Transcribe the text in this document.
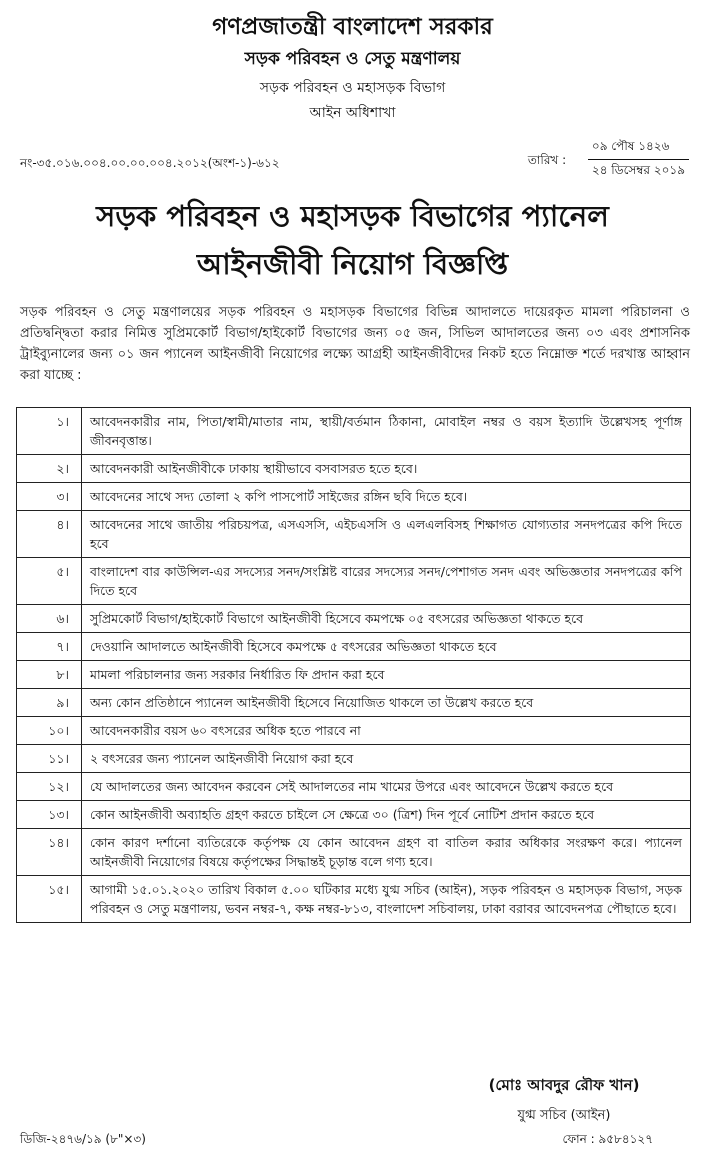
গণপ্রজাতন্ত্রী বাংলাদেশ সরকার
সড়ক পরিবহন ও সেতু মন্ত্রণালয়
সড়ক পরিবহন ও মহাসড়ক বিভাগ
আইন অধিশাখা
নং-৩৫.০১৬.০০৪.০০.০০.০০৪.২০১২(অংশ-১)-৬১২	তারিখ :
০৯ পৌষ ১৪২৬
২৪ ডিসেম্বর ২০১৯
সড়ক পরিবহন ও মহাসড়ক বিভাগের প্যানেল
আইনজীবী নিয়োগ বিজ্ঞপ্তি
সড়ক পরিবহন ও সেতু মন্ত্রণালয়ের সড়ক পরিবহন ও মহাসড়ক বিভাগের বিভিন্ন আদালতে দায়েরকৃত মামলা পরিচালনা ও প্রতিদ্বন্দ্বিতা করার নিমিত্ত সুপ্রিমকোর্ট বিভাগ/হাইকোর্ট বিভাগের জন্য ০৫ জন, সিভিল আদালতের জন্য ০৩ এবং প্রশাসনিক ট্রাইব্যুনালের জন্য ০১ জন প্যানেল আইনজীবী নিয়োগের লক্ষ্যে আগ্রহী আইনজীবীদের নিকট হতে নিম্নোক্ত শর্তে দরখাস্ত আহ্বান করা যাচ্ছে :
১।	আবেদনকারীর নাম, পিতা/স্বামী/মাতার নাম, স্থায়ী/বর্তমান ঠিকানা, মোবাইল নম্বর ও বয়স ইত্যাদি উল্লেখসহ পূর্ণাঙ্গ জীবনবৃত্তান্ত।
২।	আবেদনকারী আইনজীবীকে ঢাকায় স্থায়ীভাবে বসবাসরত হতে হবে।
৩।	আবেদনের সাথে সদ্য তোলা ২ কপি পাসপোর্ট সাইজের রঙ্গিন ছবি দিতে হবে।
৪।	আবেদনের সাথে জাতীয় পরিচয়পত্র, এসএসসি, এইচএসসি ও এলএলবিসহ শিক্ষাগত যোগ্যতার সনদপত্রের কপি দিতে হবে
৫।	বাংলাদেশ বার কাউন্সিল-এর সদস্যের সনদ/সংশ্লিষ্ট বারের সদস্যের সনদ/পেশাগত সনদ এবং অভিজ্ঞতার সনদপত্রের কপি দিতে হবে
৬।	সুপ্রিমকোর্ট বিভাগ/হাইকোর্ট বিভাগে আইনজীবী হিসেবে কমপক্ষে ০৫ বৎসরের অভিজ্ঞতা থাকতে হবে
৭।	দেওয়ানি আদালতে আইনজীবী হিসেবে কমপক্ষে ৫ বৎসরের অভিজ্ঞতা থাকতে হবে
৮।	মামলা পরিচালনার জন্য সরকার নির্ধারিত ফি প্রদান করা হবে
৯।	অন্য কোন প্রতিষ্ঠানে প্যানেল আইনজীবী হিসেবে নিয়োজিত থাকলে তা উল্লেখ করতে হবে
১০।	আবেদনকারীর বয়স ৬০ বৎসরের অধিক হতে পারবে না
১১।	২ বৎসরের জন্য প্যানেল আইনজীবী নিয়োগ করা হবে
১২।	যে আদালতের জন্য আবেদন করবেন সেই আদালতের নাম খামের উপরে এবং আবেদনে উল্লেখ করতে হবে
১৩।	কোন আইনজীবী অব্যাহতি গ্রহণ করতে চাইলে সে ক্ষেত্রে ৩০ (ত্রিশ) দিন পূর্বে নোটিশ প্রদান করতে হবে
১৪।	কোন কারণ দর্শানো ব্যতিরেকে কর্তৃপক্ষ যে কোন আবেদন গ্রহণ বা বাতিল করার অধিকার সংরক্ষণ করে। প্যানেল আইনজীবী নিয়োগের বিষয়ে কর্তৃপক্ষের সিদ্ধান্তই চূড়ান্ত বলে গণ্য হবে।
১৫।	আগামী ১৫.০১.২০২০ তারিখ বিকাল ৫.০০ ঘটিকার মধ্যে যুগ্ম সচিব (আইন), সড়ক পরিবহন ও মহাসড়ক বিভাগ, সড়ক পরিবহন ও সেতু মন্ত্রণালয়, ভবন নম্বর-৭, কক্ষ নম্বর-৮১৩, বাংলাদেশ সচিবালয়, ঢাকা বরাবর আবেদনপত্র পৌছাতে হবে।
(মোঃ আবদুর রৌফ খান)
যুগ্ম সচিব (আইন)
ডিজি-২৪৭৬/১৯ (৮"×৩)	ফোন : ৯৫৮৪১২৭
